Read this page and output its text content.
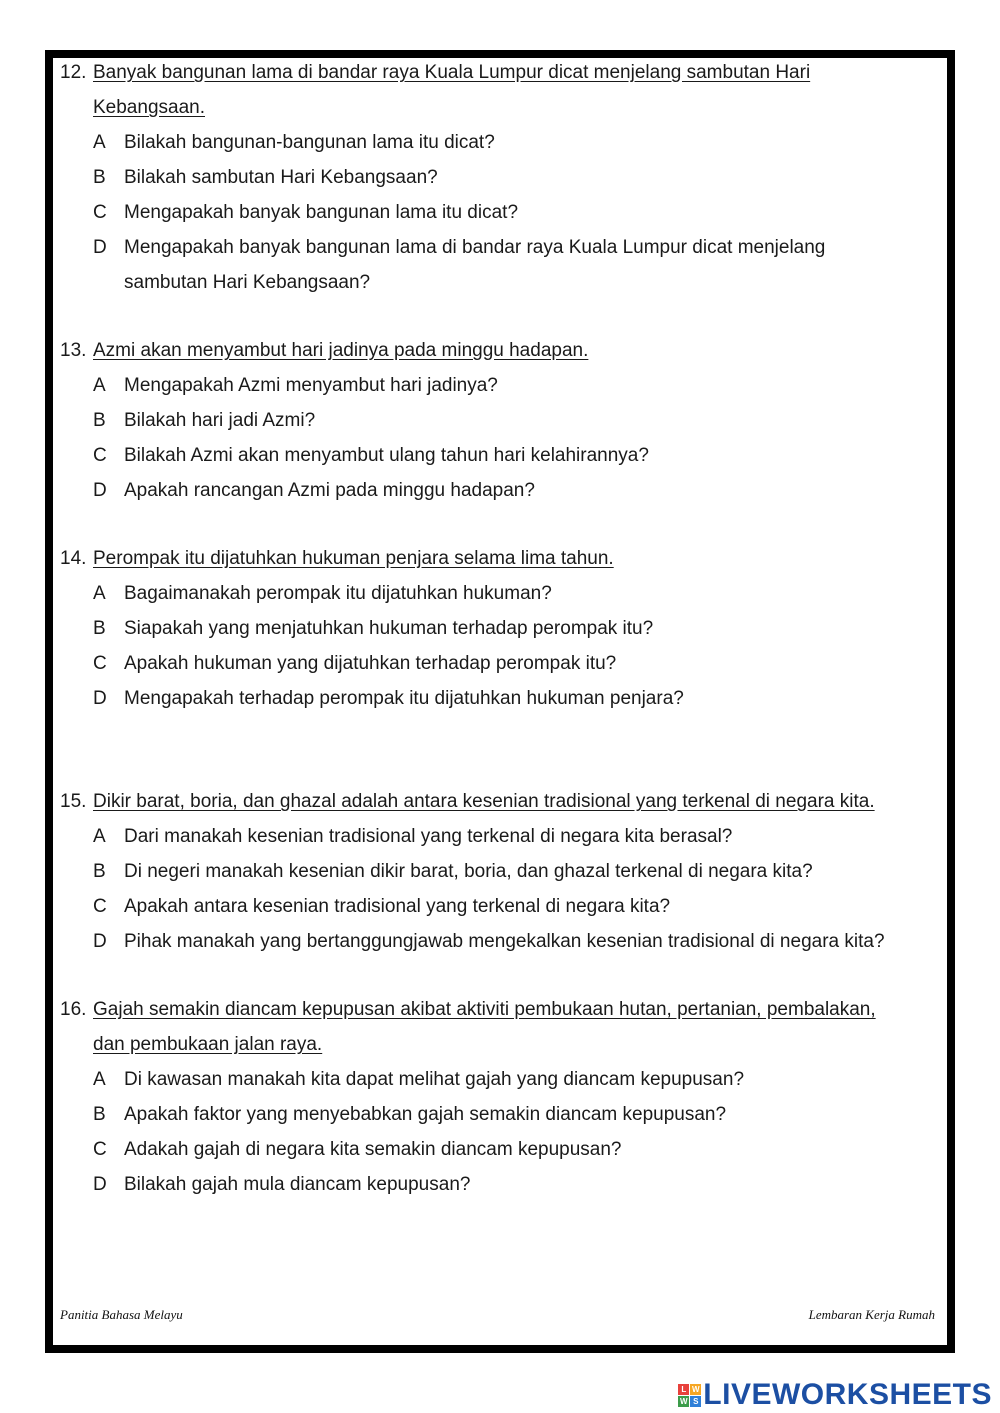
12. Banyak bangunan lama di bandar raya Kuala Lumpur dicat menjelang sambutan Hari
Kebangsaan.
A Bilakah bangunan-bangunan lama itu dicat?
B Bilakah sambutan Hari Kebangsaan?
C Mengapakah banyak bangunan lama itu dicat?
D Mengapakah banyak bangunan lama di bandar raya Kuala Lumpur dicat menjelang
sambutan Hari Kebangsaan?
13. Azmi akan menyambut hari jadinya pada minggu hadapan.
A Mengapakah Azmi menyambut hari jadinya?
B Bilakah hari jadi Azmi?
C Bilakah Azmi akan menyambut ulang tahun hari kelahirannya?
D Apakah rancangan Azmi pada minggu hadapan?
14. Perompak itu dijatuhkan hukuman penjara selama lima tahun.
A Bagaimanakah perompak itu dijatuhkan hukuman?
B Siapakah yang menjatuhkan hukuman terhadap perompak itu?
C Apakah hukuman yang dijatuhkan terhadap perompak itu?
D Mengapakah terhadap perompak itu dijatuhkan hukuman penjara?
15. Dikir barat, boria, dan ghazal adalah antara kesenian tradisional yang terkenal di negara kita.
A Dari manakah kesenian tradisional yang terkenal di negara kita berasal?
B Di negeri manakah kesenian dikir barat, boria, dan ghazal terkenal di negara kita?
C Apakah antara kesenian tradisional yang terkenal di negara kita?
D Pihak manakah yang bertanggungjawab mengekalkan kesenian tradisional di negara kita?
16. Gajah semakin diancam kepupusan akibat aktiviti pembukaan hutan, pertanian, pembalakan,
dan pembukaan jalan raya.
A Di kawasan manakah kita dapat melihat gajah yang diancam kepupusan?
B Apakah faktor yang menyebabkan gajah semakin diancam kepupusan?
C Adakah gajah di negara kita semakin diancam kepupusan?
D Bilakah gajah mula diancam kepupusan?
Panitia Bahasa Melayu	Lembaran Kerja Rumah
L W
W S LIVEWORKSHEETS
